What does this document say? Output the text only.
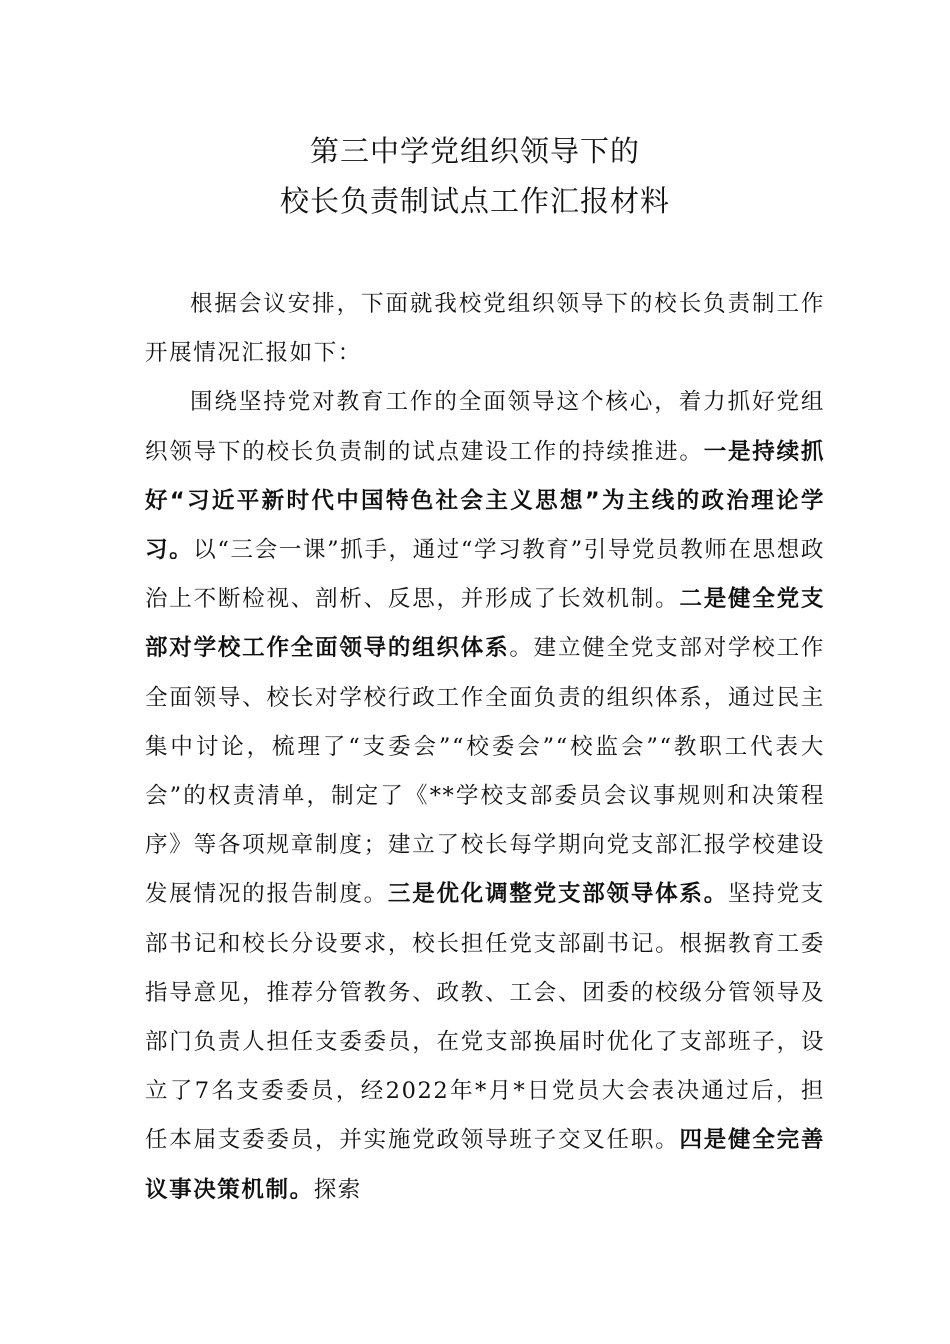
第三中学党组织领导下的
校长负责制试点工作汇报材料

根据会议安排，下面就我校党组织领导下的校长负责制工作开展情况汇报如下：

围绕坚持党对教育工作的全面领导这个核心，着力抓好党组织领导下的校长负责制的试点建设工作的持续推进。一是持续抓好“习近平新时代中国特色社会主义思想”为主线的政治理论学习。以“三会一课”抓手，通过“学习教育”引导党员教师在思想政治上不断检视、剖析、反思，并形成了长效机制。二是健全党支部对学校工作全面领导的组织体系。建立健全党支部对学校工作全面领导、校长对学校行政工作全面负责的组织体系，通过民主集中讨论，梳理了“支委会”“校委会”“校监会”“教职工代表大会”的权责清单，制定了《**学校支部委员会议事规则和决策程序》等各项规章制度；建立了校长每学期向党支部汇报学校建设发展情况的报告制度。三是优化调整党支部领导体系。坚持党支部书记和校长分设要求，校长担任党支部副书记。根据教育工委指导意见，推荐分管教务、政教、工会、团委的校级分管领导及部门负责人担任支委委员，在党支部换届时优化了支部班子，设立了7名支委委员，经2022年*月*日党员大会表决通过后，担任本届支委委员，并实施党政领导班子交叉任职。四是健全完善议事决策机制。探索
